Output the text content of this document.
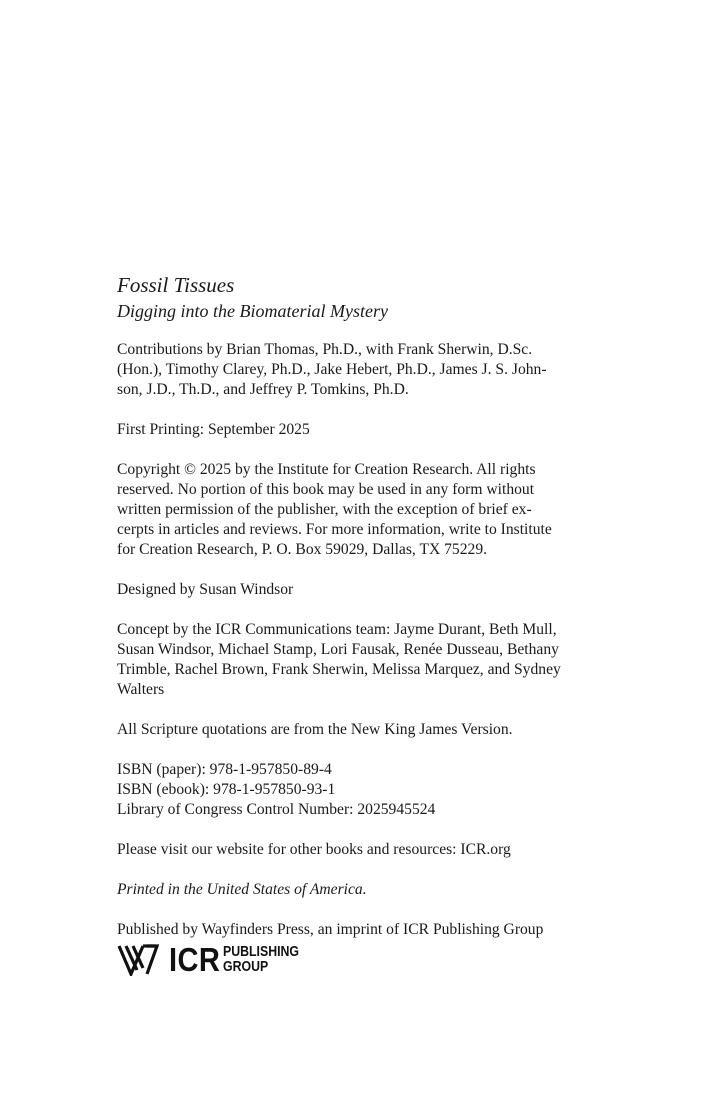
Fossil Tissues
Digging into the Biomaterial Mystery

Contributions by Brian Thomas, Ph.D., with Frank Sherwin, D.Sc.
(Hon.), Timothy Clarey, Ph.D., Jake Hebert, Ph.D., James J. S. John-
son, J.D., Th.D., and Jeffrey P. Tomkins, Ph.D.

First Printing: September 2025

Copyright © 2025 by the Institute for Creation Research. All rights
reserved. No portion of this book may be used in any form without
written permission of the publisher, with the exception of brief ex-
cerpts in articles and reviews. For more information, write to Institute
for Creation Research, P. O. Box 59029, Dallas, TX 75229.

Designed by Susan Windsor

Concept by the ICR Communications team: Jayme Durant, Beth Mull,
Susan Windsor, Michael Stamp, Lori Fausak, Renée Dusseau, Bethany
Trimble, Rachel Brown, Frank Sherwin, Melissa Marquez, and Sydney
Walters

All Scripture quotations are from the New King James Version.

ISBN (paper): 978-1-957850-89-4
ISBN (ebook): 978-1-957850-93-1
Library of Congress Control Number: 2025945524

Please visit our website for other books and resources: ICR.org

Printed in the United States of America.

Published by Wayfinders Press, an imprint of ICR Publishing Group

ICR PUBLISHING
GROUP
